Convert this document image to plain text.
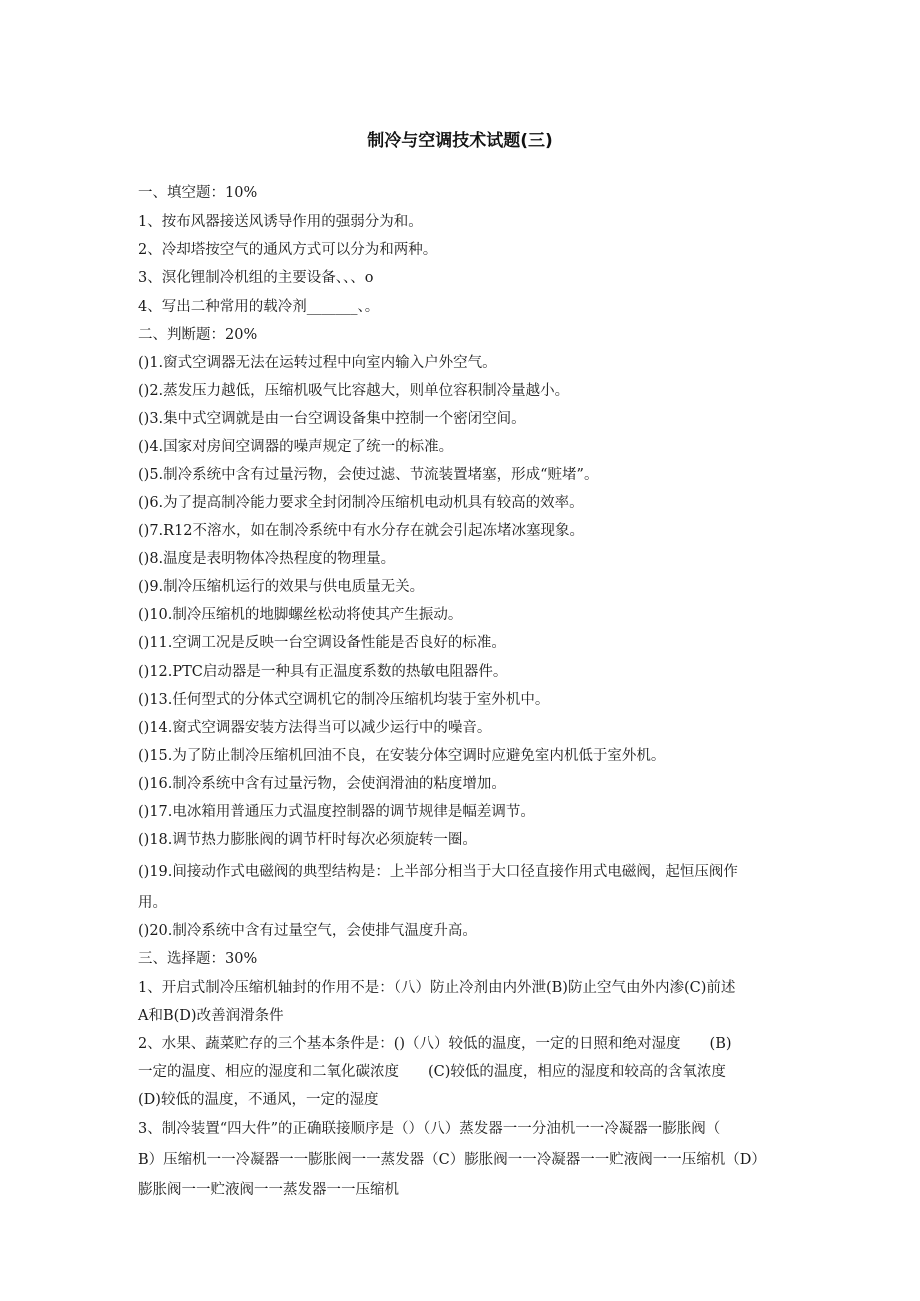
制冷与空调技术试题(三)
一、填空题：10%
1、按布风器接送风诱导作用的强弱分为和。
2、冷却塔按空气的通风方式可以分为和两种。
3、溟化锂制冷机组的主要设备、、、o
4、写出二种常用的载冷剂_______、。
二、判断题：20%
()1.窗式空调器无法在运转过程中向室内输入户外空气。
()2.蒸发压力越低，压缩机吸气比容越大，则单位容积制冷量越小。
()3.集中式空调就是由一台空调设备集中控制一个密闭空间。
()4.国家对房间空调器的噪声规定了统一的标准。
()5.制冷系统中含有过量污物，会使过滤、节流装置堵塞，形成“赃堵”。
()6.为了提高制冷能力要求全封闭制冷压缩机电动机具有较高的效率。
()7.R12不溶水，如在制冷系统中有水分存在就会引起冻堵冰塞现象。
()8.温度是表明物体冷热程度的物理量。
()9.制冷压缩机运行的效果与供电质量无关。
()10.制冷压缩机的地脚螺丝松动将使其产生振动。
()11.空调工况是反映一台空调设备性能是否良好的标准。
()12.PTC启动器是一种具有正温度系数的热敏电阻器件。
()13.任何型式的分体式空调机它的制冷压缩机均装于室外机中。
()14.窗式空调器安装方法得当可以减少运行中的噪音。
()15.为了防止制冷压缩机回油不良，在安装分体空调时应避免室内机低于室外机。
()16.制冷系统中含有过量污物，会使润滑油的粘度增加。
()17.电冰箱用普通压力式温度控制器的调节规律是幅差调节。
()18.调节热力膨胀阀的调节杆时每次必须旋转一圈。
()19.间接动作式电磁阀的典型结构是：上半部分相当于大口径直接作用式电磁阀，起恒压阀作
用。
()20.制冷系统中含有过量空气，会使排气温度升高。
三、选择题：30%
1、开启式制冷压缩机轴封的作用不是：（八）防止冷剂由内外泄(B)防止空气由外内渗(C)前述
A和B(D)改善润滑条件
2、水果、蔬菜贮存的三个基本条件是：()（八）较低的温度，一定的日照和绝对湿度　　(B)
一定的温度、相应的湿度和二氧化碳浓度　　(C)较低的温度，相应的湿度和较高的含氧浓度
(D)较低的温度，不通风，一定的湿度
3、制冷装置“四大件”的正确联接顺序是（）（八）蒸发器一一分油机一一冷凝器一膨胀阀（
B）压缩机一一冷凝器一一膨胀阀一一蒸发器（C）膨胀阀一一冷凝器一一贮液阀一一压缩机（D）
膨胀阀一一贮液阀一一蒸发器一一压缩机
